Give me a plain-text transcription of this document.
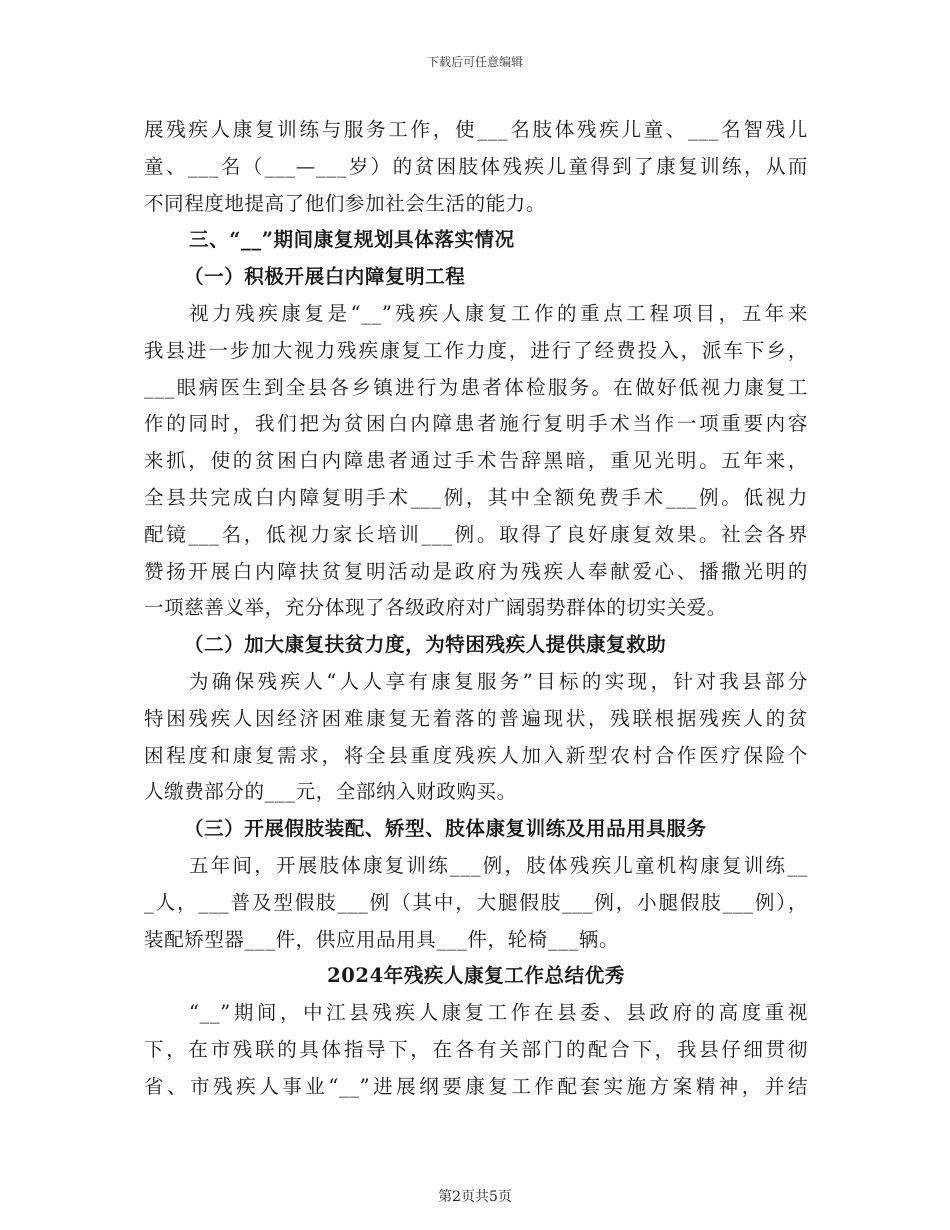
下载后可任意编辑
展残疾人康复训练与服务工作，使___名肢体残疾儿童、___名智残儿
童、___名（___—___岁）的贫困肢体残疾儿童得到了康复训练，从而
不同程度地提高了他们参加社会生活的能力。
三、“__”期间康复规划具体落实情况
（一）积极开展白内障复明工程
视力残疾康复是“__”残疾人康复工作的重点工程项目，五年来
我县进一步加大视力残疾康复工作力度，进行了经费投入，派车下乡，
___眼病医生到全县各乡镇进行为患者体检服务。在做好低视力康复工
作的同时，我们把为贫困白内障患者施行复明手术当作一项重要内容
来抓，使的贫困白内障患者通过手术告辞黑暗，重见光明。五年来，
全县共完成白内障复明手术___例，其中全额免费手术___例。低视力
配镜___名，低视力家长培训___例。取得了良好康复效果。社会各界
赞扬开展白内障扶贫复明活动是政府为残疾人奉献爱心、播撒光明的
一项慈善义举，充分体现了各级政府对广阔弱势群体的切实关爱。
（二）加大康复扶贫力度，为特困残疾人提供康复救助
为确保残疾人“人人享有康复服务”目标的实现，针对我县部分
特困残疾人因经济困难康复无着落的普遍现状，残联根据残疾人的贫
困程度和康复需求，将全县重度残疾人加入新型农村合作医疗保险个
人缴费部分的___元，全部纳入财政购买。
（三）开展假肢装配、矫型、肢体康复训练及用品用具服务
五年间，开展肢体康复训练___例，肢体残疾儿童机构康复训练__
_人，___普及型假肢___例（其中，大腿假肢___例，小腿假肢___例），
装配矫型器___件，供应用品用具___件，轮椅___辆。
2024年残疾人康复工作总结优秀
“__”期间，中江县残疾人康复工作在县委、县政府的高度重视
下，在市残联的具体指导下，在各有关部门的配合下，我县仔细贯彻
省、市残疾人事业“__”进展纲要康复工作配套实施方案精神，并结
第2页共5页
